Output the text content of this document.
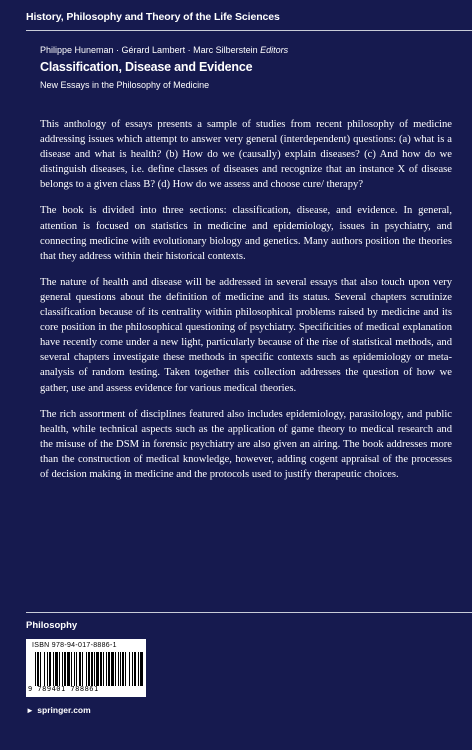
History, Philosophy and Theory of the Life Sciences
Philippe Huneman · Gérard Lambert · Marc Silberstein Editors
Classification, Disease and Evidence
New Essays in the Philosophy of Medicine

This anthology of essays presents a sample of studies from recent philosophy of medicine addressing issues which attempt to answer very general (interdependent) questions: (a) what is a disease and what is health? (b) How do we (causally) explain diseases? (c) And how do we distinguish diseases, i.e. define classes of diseases and recognize that an instance X of disease belongs to a given class B? (d) How do we assess and choose cure/ therapy?

The book is divided into three sections: classification, disease, and evidence. In general, attention is focused on statistics in medicine and epidemiology, issues in psychiatry, and connecting medicine with evolutionary biology and genetics. Many authors position the theories that they address within their historical contexts.

The nature of health and disease will be addressed in several essays that also touch upon very general questions about the definition of medicine and its status. Several chapters scrutinize classification because of its centrality within philosophical problems raised by medicine and its core position in the philosophical questioning of psychiatry. Specificities of medical explanation have recently come under a new light, particularly because of the rise of statistical methods, and several chapters investigate these methods in specific contexts such as epidemiology or meta-analysis of random testing. Taken together this collection addresses the question of how we gather, use and assess evidence for various medical theories.

The rich assortment of disciplines featured also includes epidemiology, parasitology, and public health, while technical aspects such as the application of game theory to medical research and the misuse of the DSM in forensic psychiatry are also given an airing. The book addresses more than the construction of medical knowledge, however, adding cogent appraisal of the processes of decision making in medicine and the protocols used to justify therapeutic choices.

Philosophy
ISBN 978-94-017-8886-1
9 789401 788861
► springer.com
